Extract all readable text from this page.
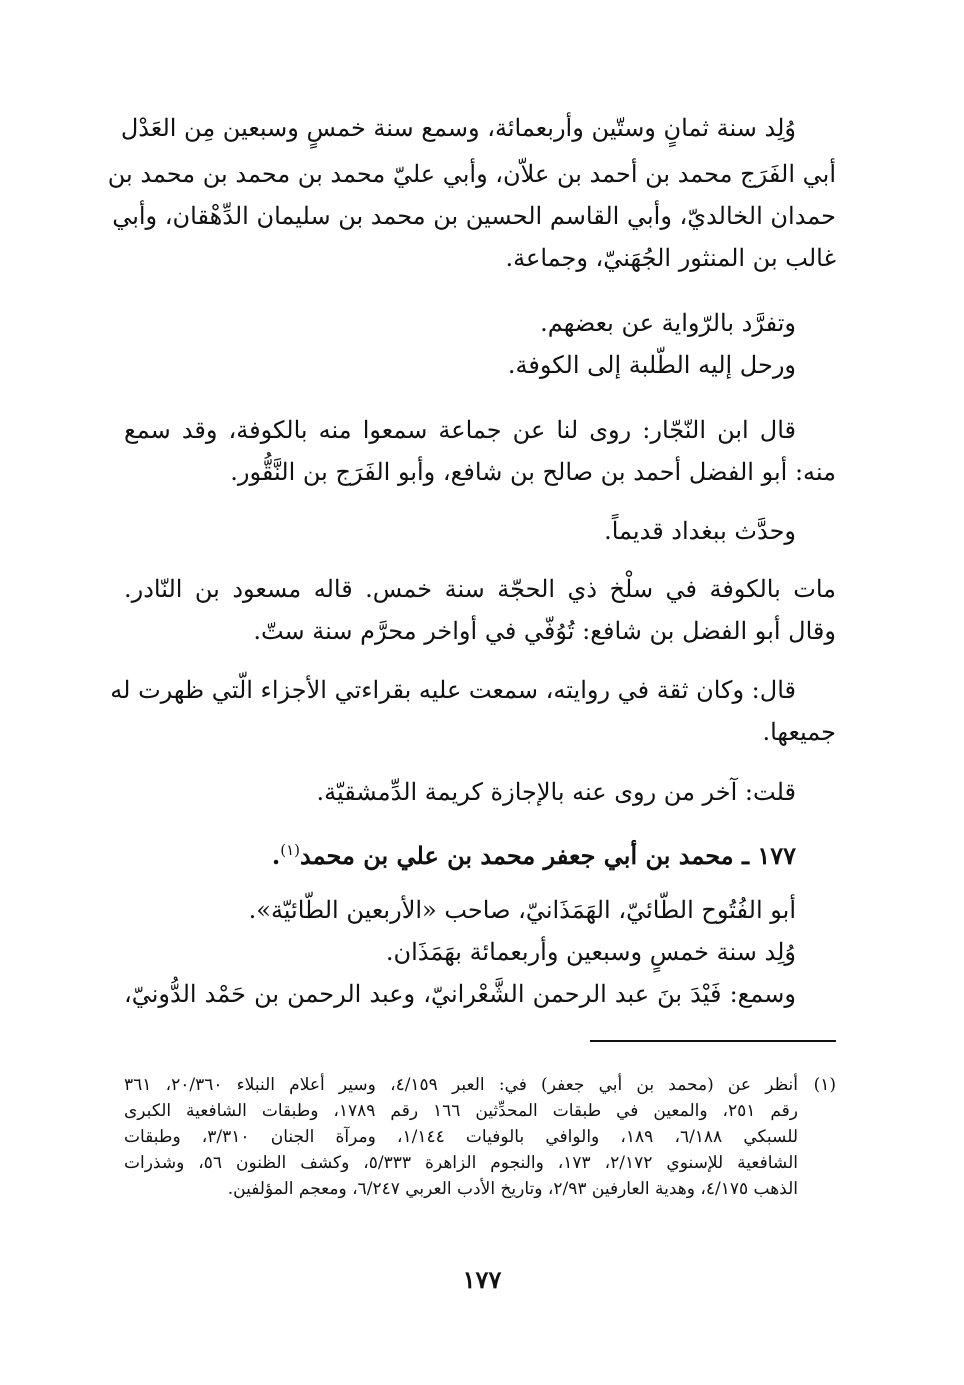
وُلِد سنة ثمانٍ وستّين وأربعمائة، وسمع سنة خمسٍ وسبعين مِن العَدْل
أبي الفَرَج محمد بن أحمد بن علاّن، وأبي عليّ محمد بن محمد بن محمد بن
حمدان الخالديّ، وأبي القاسم الحسين بن محمد بن سليمان الدِّهْقان، وأبي
غالب بن المنثور الجُهَنيّ، وجماعة.
وتفرَّد بالرّواية عن بعضهم.
ورحل إليه الطّلبة إلى الكوفة.
قال ابن النّجّار: روى لنا عن جماعة سمعوا منه بالكوفة، وقد سمع
منه: أبو الفضل أحمد بن صالح بن شافع، وأبو الفَرَج بن النَّقُّور.
وحدَّث ببغداد قديماً.
مات بالكوفة في سلْخ ذي الحجّة سنة خمس. قاله مسعود بن النّادر.
وقال أبو الفضل بن شافع: تُوُفّي في أواخر محرَّم سنة ستّ.
قال: وكان ثقة في روايته، سمعت عليه بقراءتي الأجزاء الّتي ظهرت له
جميعها.
قلت: آخر من روى عنه بالإجازة كريمة الدِّمشقيّة.
١٧٧ ـ محمد بن أبي جعفر محمد بن علي بن محمد$^{(١)}$.
أبو الفُتُوح الطّائيّ، الهَمَذَانيّ، صاحب «الأربعين الطّائيّة».
وُلِد سنة خمسٍ وسبعين وأربعمائة بهَمَذَان.
وسمع: فَيْدَ بنَ عبد الرحمن الشَّعْرانيّ، وعبد الرحمن بن حَمْد الدُّونيّ،
(١)
أنظر عن (محمد بن أبي جعفر) في: العبر ٤/١٥٩، وسير أعلام النبلاء ٢٠/٣٦٠، ٣٦١
رقم ٢٥١، والمعين في طبقات المحدِّثين ١٦٦ رقم ١٧٨٩، وطبقات الشافعية الكبرى
للسبكي ٦/١٨٨، ١٨٩، والوافي بالوفيات ١/١٤٤، ومرآة الجنان ٣/٣١٠، وطبقات
الشافعية للإسنوي ٢/١٧٢، ١٧٣، والنجوم الزاهرة ٥/٣٣٣، وكشف الظنون ٥٦، وشذرات
الذهب ٤/١٧٥، وهدية العارفين ٢/٩٣، وتاريخ الأدب العربي ٦/٢٤٧، ومعجم المؤلفين.
١٧٧
